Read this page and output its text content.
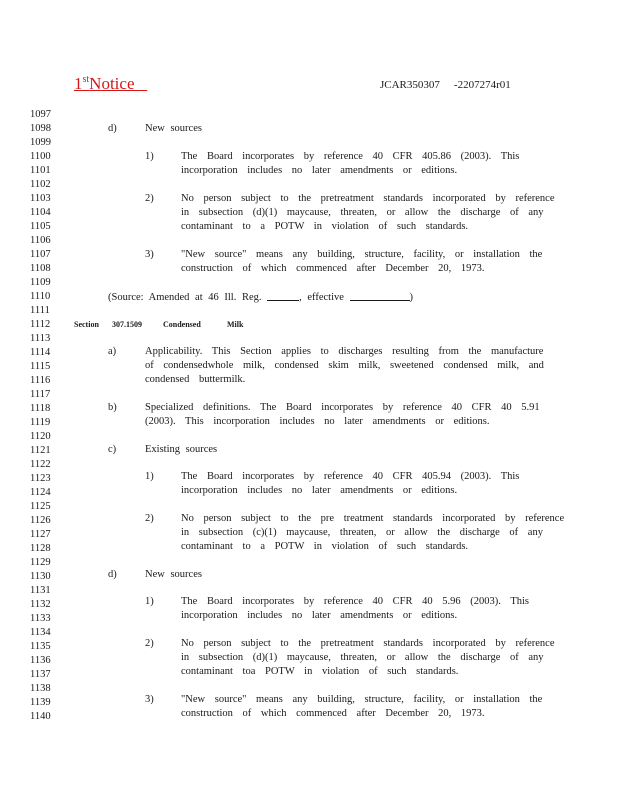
1stNotice	JCAR350307 -2207274r01
1097
1098
1099
1100
1101
1102
1103
1104
1105
1106
1107
1108
1109
1110
1111
1112
1113
1114
1115
1116
1117
1118
1119
1120
1121
1122
1123
1124
1125
1126
1127
1128
1129
1130
1131
1132
1133
1134
1135
1136
1137
1138
1139
1140
d)	New sources
1)	The Board incorporates by reference 40 CFR 405.86 (2003). This
incorporation includes no later amendments or editions.
2)	No person subject to the pretreatment standards incorporated by reference
in subsection (d)(1) maycause, threaten, or allow the discharge of any
contaminant to a POTW in violation of such standards.
3)	"New source" means any building, structure, facility, or installation the
construction of which commenced after December 20, 1973.
(Source: Amended at 46 Ill. Reg.	, effective	)
Section 307.1509	Condensed	Milk
a)	Applicability. This Section applies to discharges resulting from the manufacture
of condensedwhole milk, condensed skim milk, sweetened condensed milk, and
condensed buttermilk.
b)	Specialized definitions. The Board incorporates by reference 40 CFR 40 5.91
(2003). This incorporation includes no later amendments or editions.
c)	Existing sources
1)	The Board incorporates by reference 40 CFR 405.94 (2003). This
incorporation includes no later amendments or editions.
2)	No person subject to the pre treatment standards incorporated by reference
in subsection (c)(1) maycause, threaten, or allow the discharge of any
contaminant to a POTW in violation of such standards.
d)	New sources
1)	The Board incorporates by reference 40 CFR 40 5.96 (2003). This
incorporation includes no later amendments or editions.
2)	No person subject to the pretreatment standards incorporated by reference
in subsection (d)(1) maycause, threaten, or allow the discharge of any
contaminant toa POTW in violation of such standards.
3)	"New source" means any building, structure, facility, or installation the
construction of which commenced after December 20, 1973.
